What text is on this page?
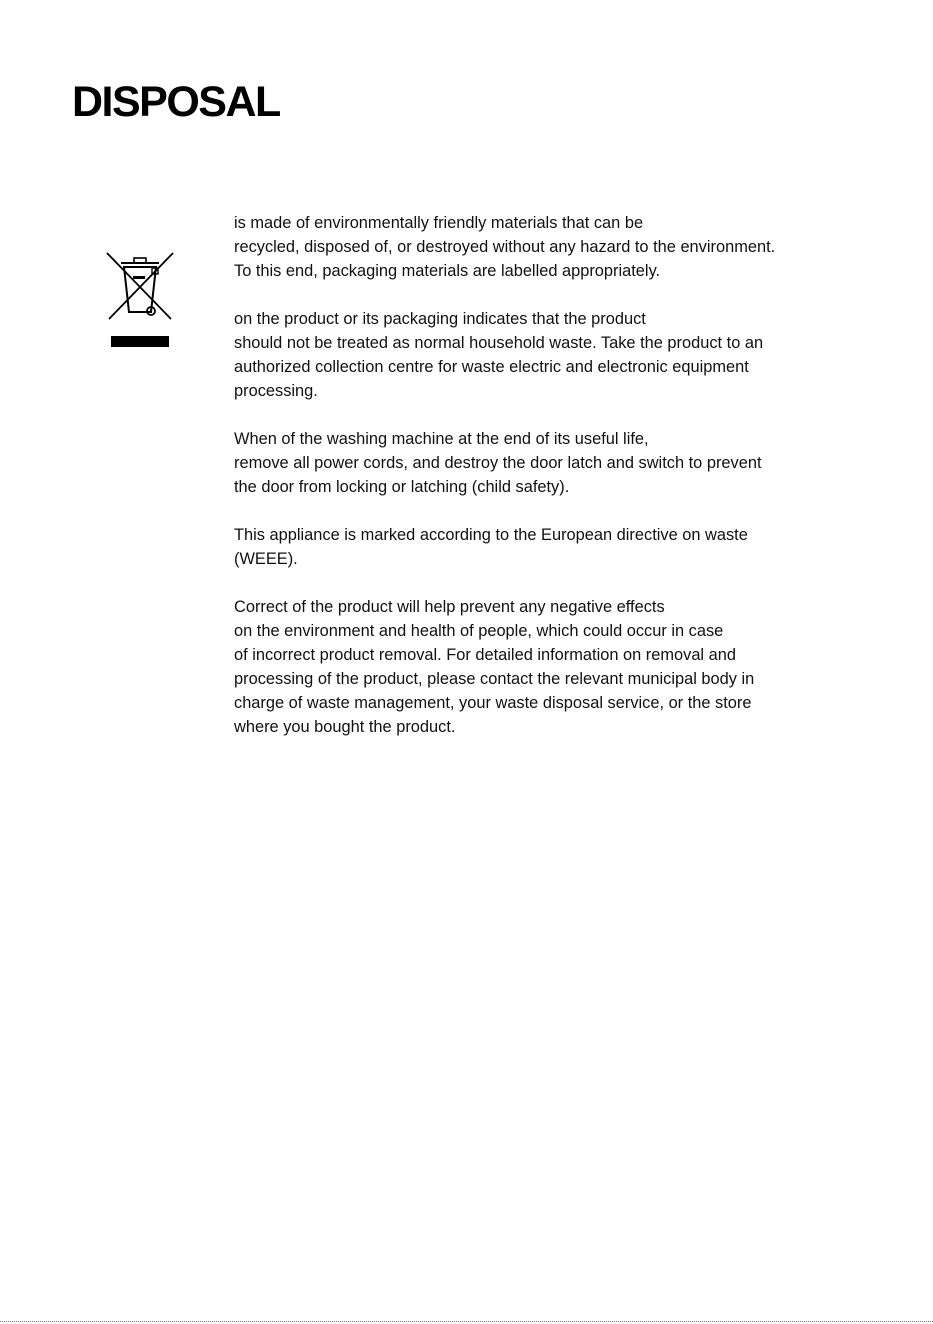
DISPOSAL

is made of environmentally friendly materials that can be
recycled, disposed of, or destroyed without any hazard to the environment.
To this end, packaging materials are labelled appropriately.

on the product or its packaging indicates that the product
should not be treated as normal household waste. Take the product to an
authorized collection centre for waste electric and electronic equipment
processing.

When of the washing machine at the end of its useful life,
remove all power cords, and destroy the door latch and switch to prevent
the door from locking or latching (child safety).

This appliance is marked according to the European directive on waste
(WEEE).

Correct of the product will help prevent any negative effects
on the environment and health of people, which could occur in case
of incorrect product removal. For detailed information on removal and
processing of the product, please contact the relevant municipal body in
charge of waste management, your waste disposal service, or the store
where you bought the product.
